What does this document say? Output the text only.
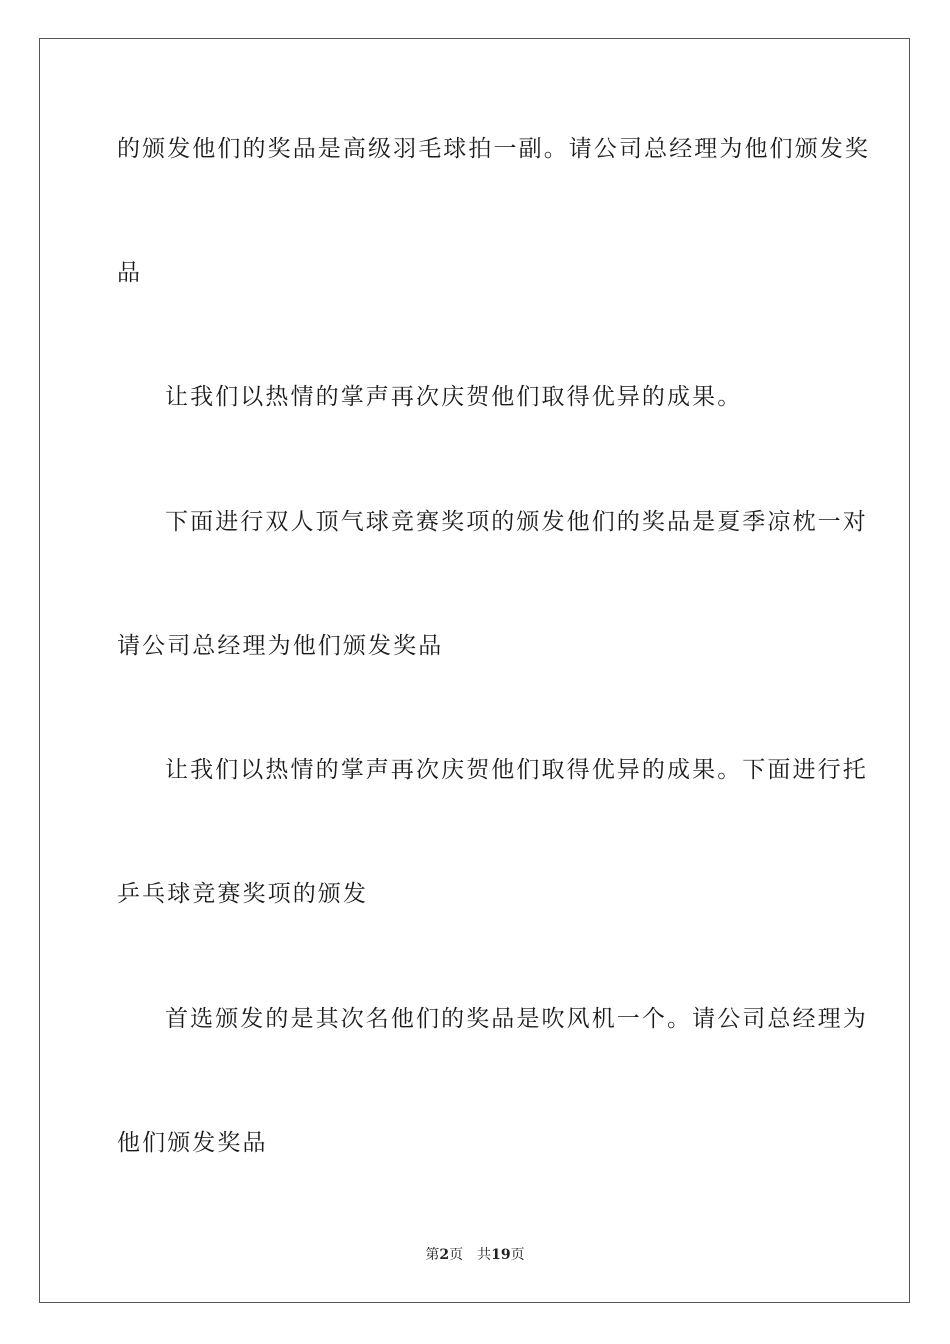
的颁发他们的奖品是高级羽毛球拍一副。请公司总经理为他们颁发奖
品
让我们以热情的掌声再次庆贺他们取得优异的成果。
下面进行双人顶气球竞赛奖项的颁发他们的奖品是夏季凉枕一对
请公司总经理为他们颁发奖品
让我们以热情的掌声再次庆贺他们取得优异的成果。下面进行托
乒乓球竞赛奖项的颁发
首选颁发的是其次名他们的奖品是吹风机一个。请公司总经理为
他们颁发奖品
第2页 共19页
